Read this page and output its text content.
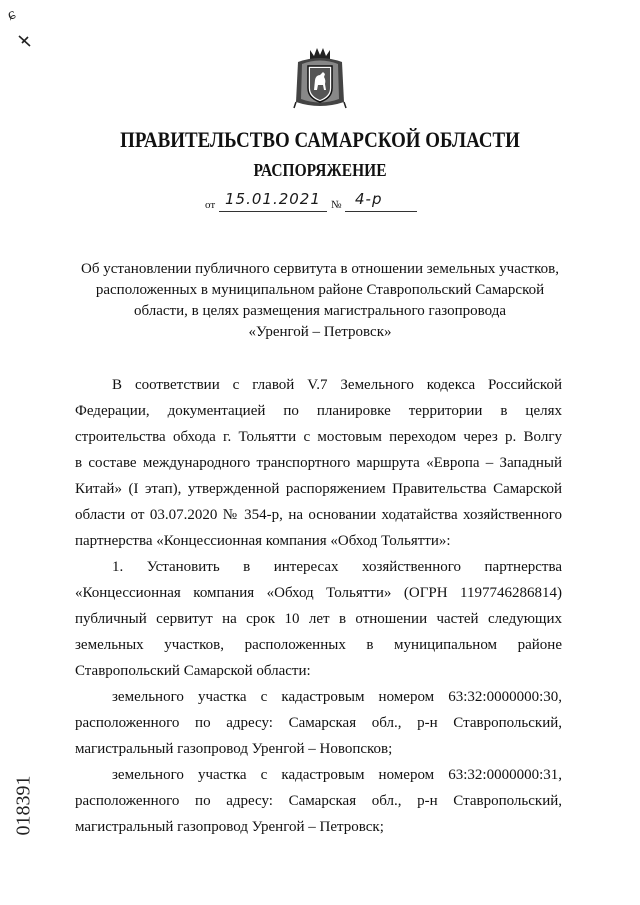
ɕ
ПРАВИТЕЛЬСТВО САМАРСКОЙ ОБЛАСТИ
РАСПОРЯЖЕНИЕ
от 15.01.2021 № 4-р
Об установлении публичного сервитута в отношении земельных участков,
расположенных в муниципальном районе Ставропольский Самарской
области, в целях размещения магистрального газопровода
«Уренгой – Петровск»
В соответствии с главой V.7 Земельного кодекса Российской
Федерации, документацией по планировке территории в целях
строительства обхода г. Тольятти с мостовым переходом через р. Волгу
в составе международного транспортного маршрута «Европа – Западный
Китай» (I этап), утвержденной распоряжением Правительства Самарской
области от 03.07.2020 № 354-р, на основании ходатайства хозяйственного
партнерства «Концессионная компания «Обход Тольятти»:
1. Установить в интересах хозяйственного партнерства
«Концессионная компания «Обход Тольятти» (ОГРН 1197746286814)
публичный сервитут на срок 10 лет в отношении частей следующих
земельных участков, расположенных в муниципальном районе
Ставропольский Самарской области:
земельного участка с кадастровым номером 63:32:0000000:30,
расположенного по адресу: Самарская обл., р-н Ставропольский,
магистральный газопровод Уренгой – Новопсков;
земельного участка с кадастровым номером 63:32:0000000:31,
расположенного по адресу: Самарская обл., р-н Ставропольский,
магистральный газопровод Уренгой – Петровск;
018391
